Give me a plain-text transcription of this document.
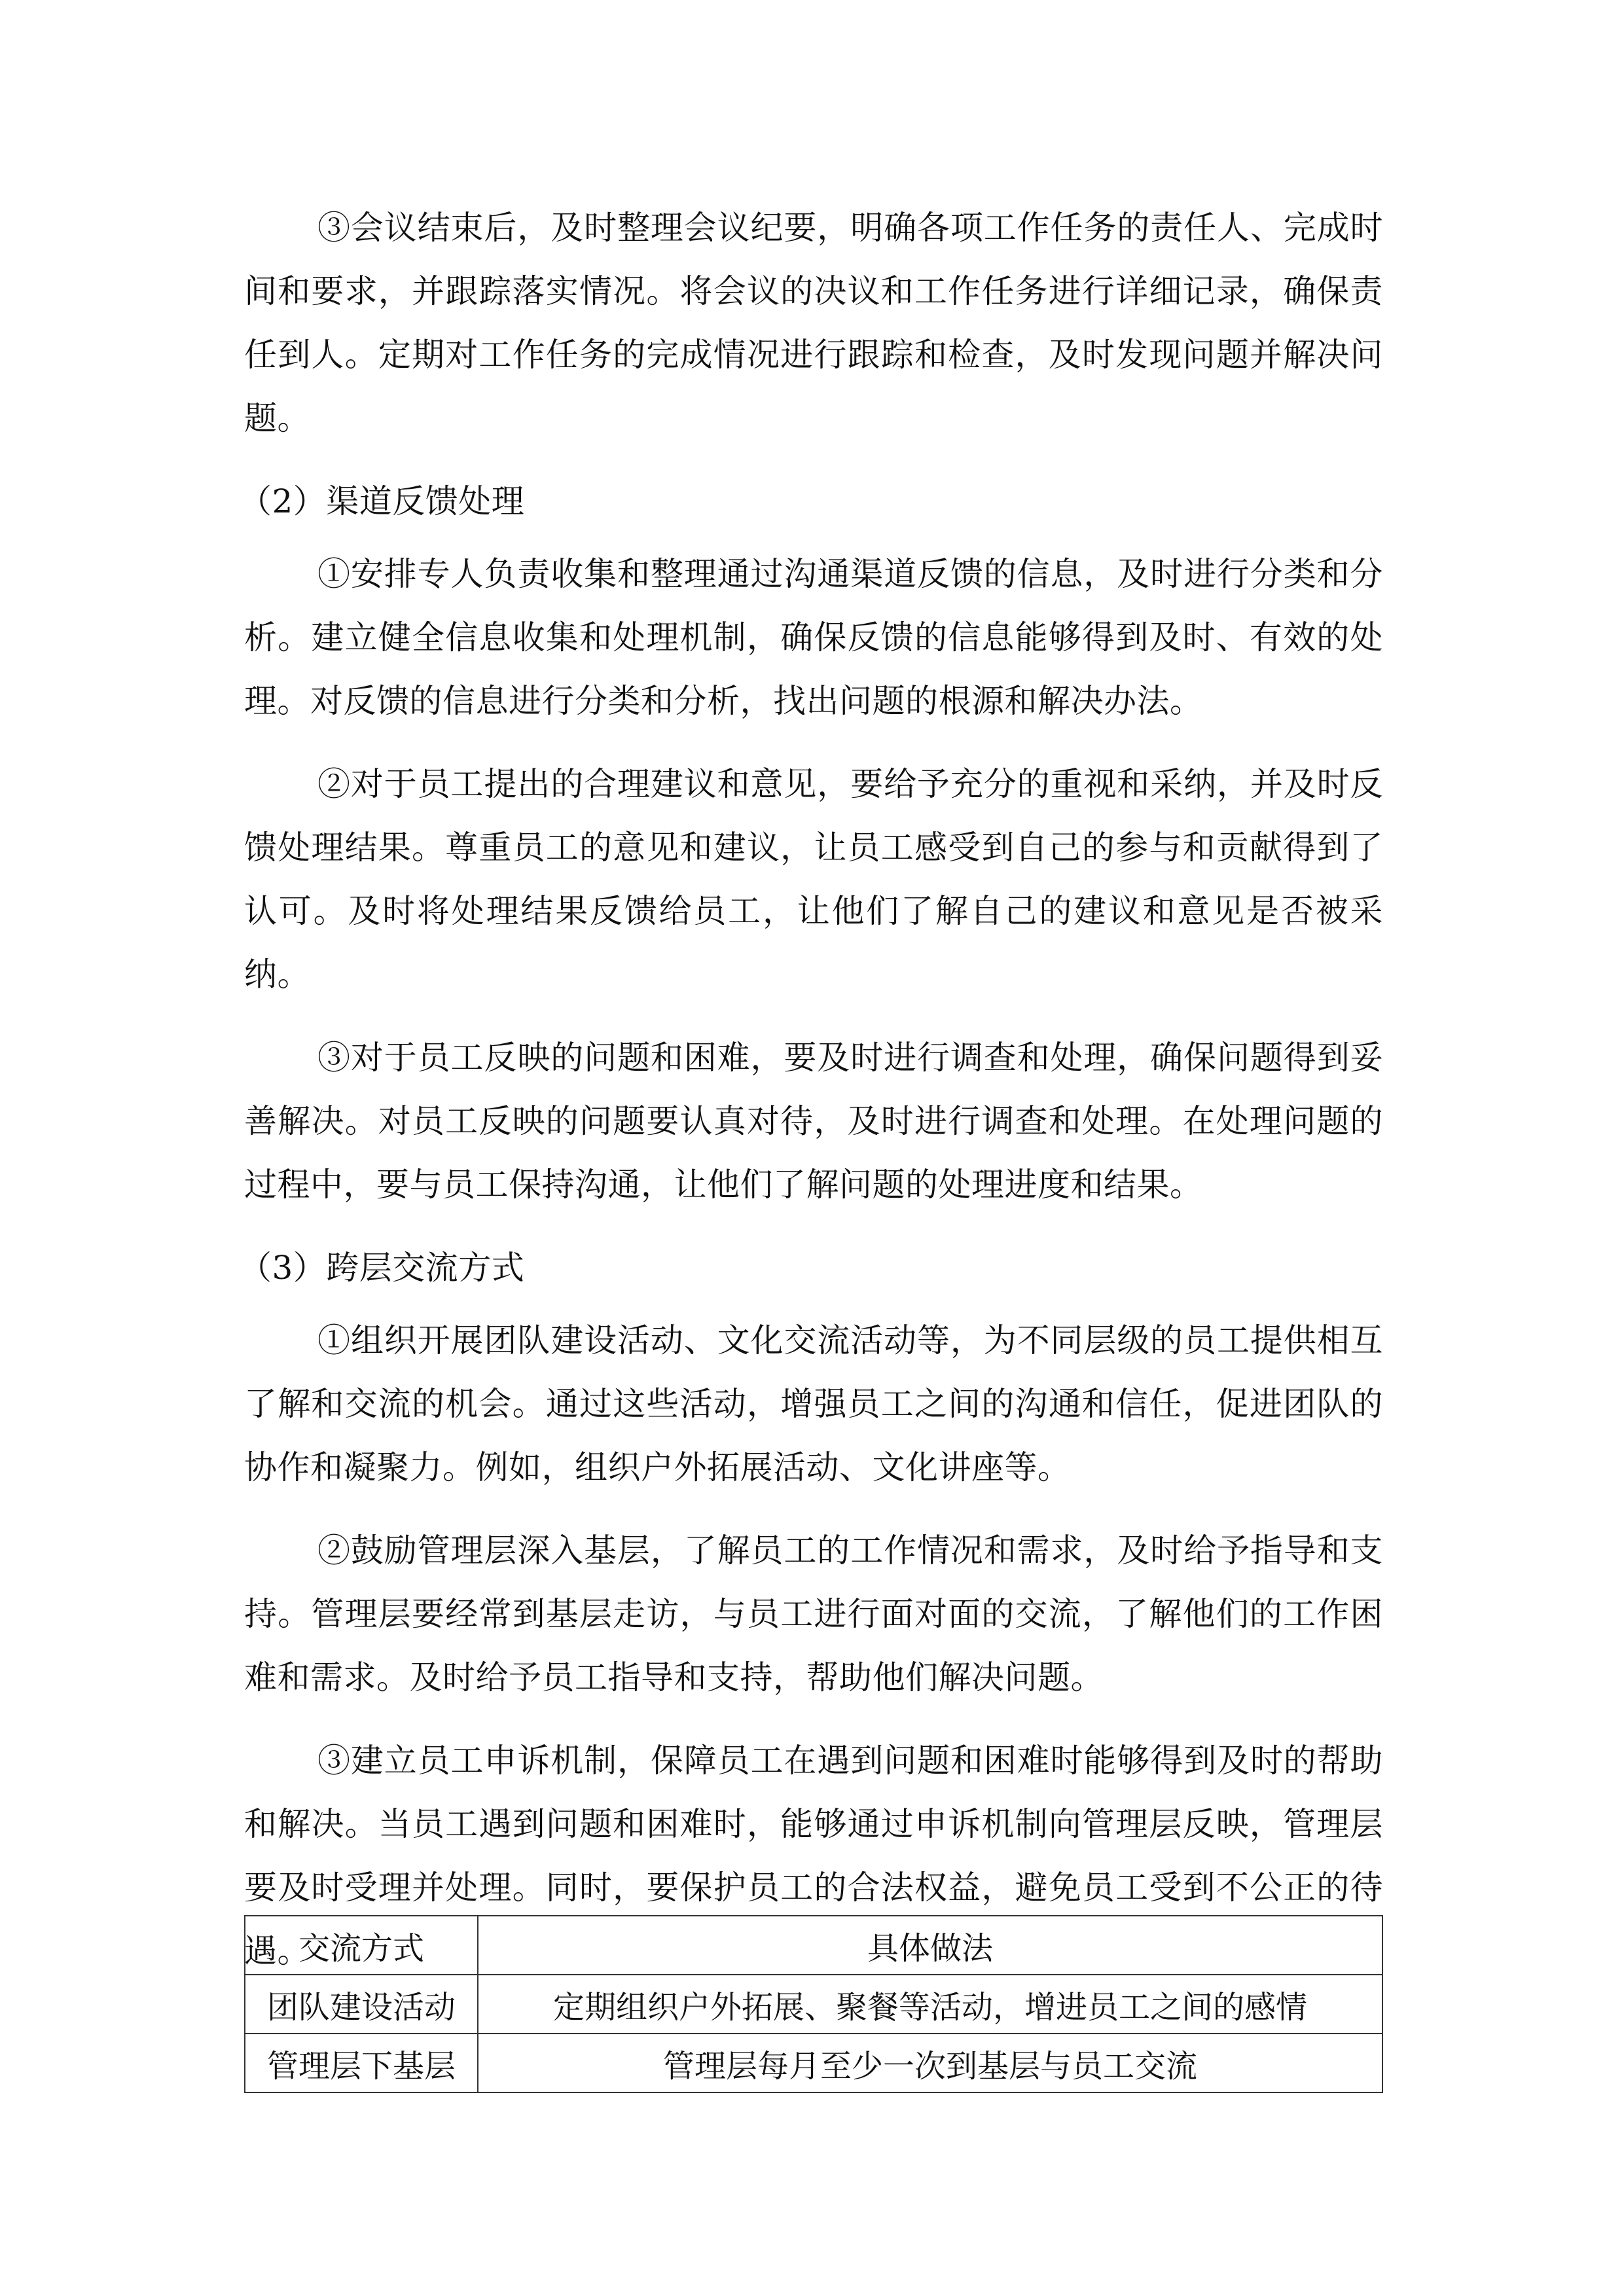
③会议结束后，及时整理会议纪要，明确各项工作任务的责任人、完成时间和要求，并跟踪落实情况。将会议的决议和工作任务进行详细记录，确保责任到人。定期对工作任务的完成情况进行跟踪和检查，及时发现问题并解决问题。

（2）渠道反馈处理

①安排专人负责收集和整理通过沟通渠道反馈的信息，及时进行分类和分析。建立健全信息收集和处理机制，确保反馈的信息能够得到及时、有效的处理。对反馈的信息进行分类和分析，找出问题的根源和解决办法。

②对于员工提出的合理建议和意见，要给予充分的重视和采纳，并及时反馈处理结果。尊重员工的意见和建议，让员工感受到自己的参与和贡献得到了认可。及时将处理结果反馈给员工，让他们了解自己的建议和意见是否被采纳。

③对于员工反映的问题和困难，要及时进行调查和处理，确保问题得到妥善解决。对员工反映的问题要认真对待，及时进行调查和处理。在处理问题的过程中，要与员工保持沟通，让他们了解问题的处理进度和结果。

（3）跨层交流方式

①组织开展团队建设活动、文化交流活动等，为不同层级的员工提供相互了解和交流的机会。通过这些活动，增强员工之间的沟通和信任，促进团队的协作和凝聚力。例如，组织户外拓展活动、文化讲座等。

②鼓励管理层深入基层，了解员工的工作情况和需求，及时给予指导和支持。管理层要经常到基层走访，与员工进行面对面的交流，了解他们的工作困难和需求。及时给予员工指导和支持，帮助他们解决问题。

③建立员工申诉机制，保障员工在遇到问题和困难时能够得到及时的帮助和解决。当员工遇到问题和困难时，能够通过申诉机制向管理层反映，管理层要及时受理并处理。同时，要保护员工的合法权益，避免员工受到不公正的待遇。

交流方式	具体做法
团队建设活动	定期组织户外拓展、聚餐等活动，增进员工之间的感情
管理层下基层	管理层每月至少一次到基层与员工交流
